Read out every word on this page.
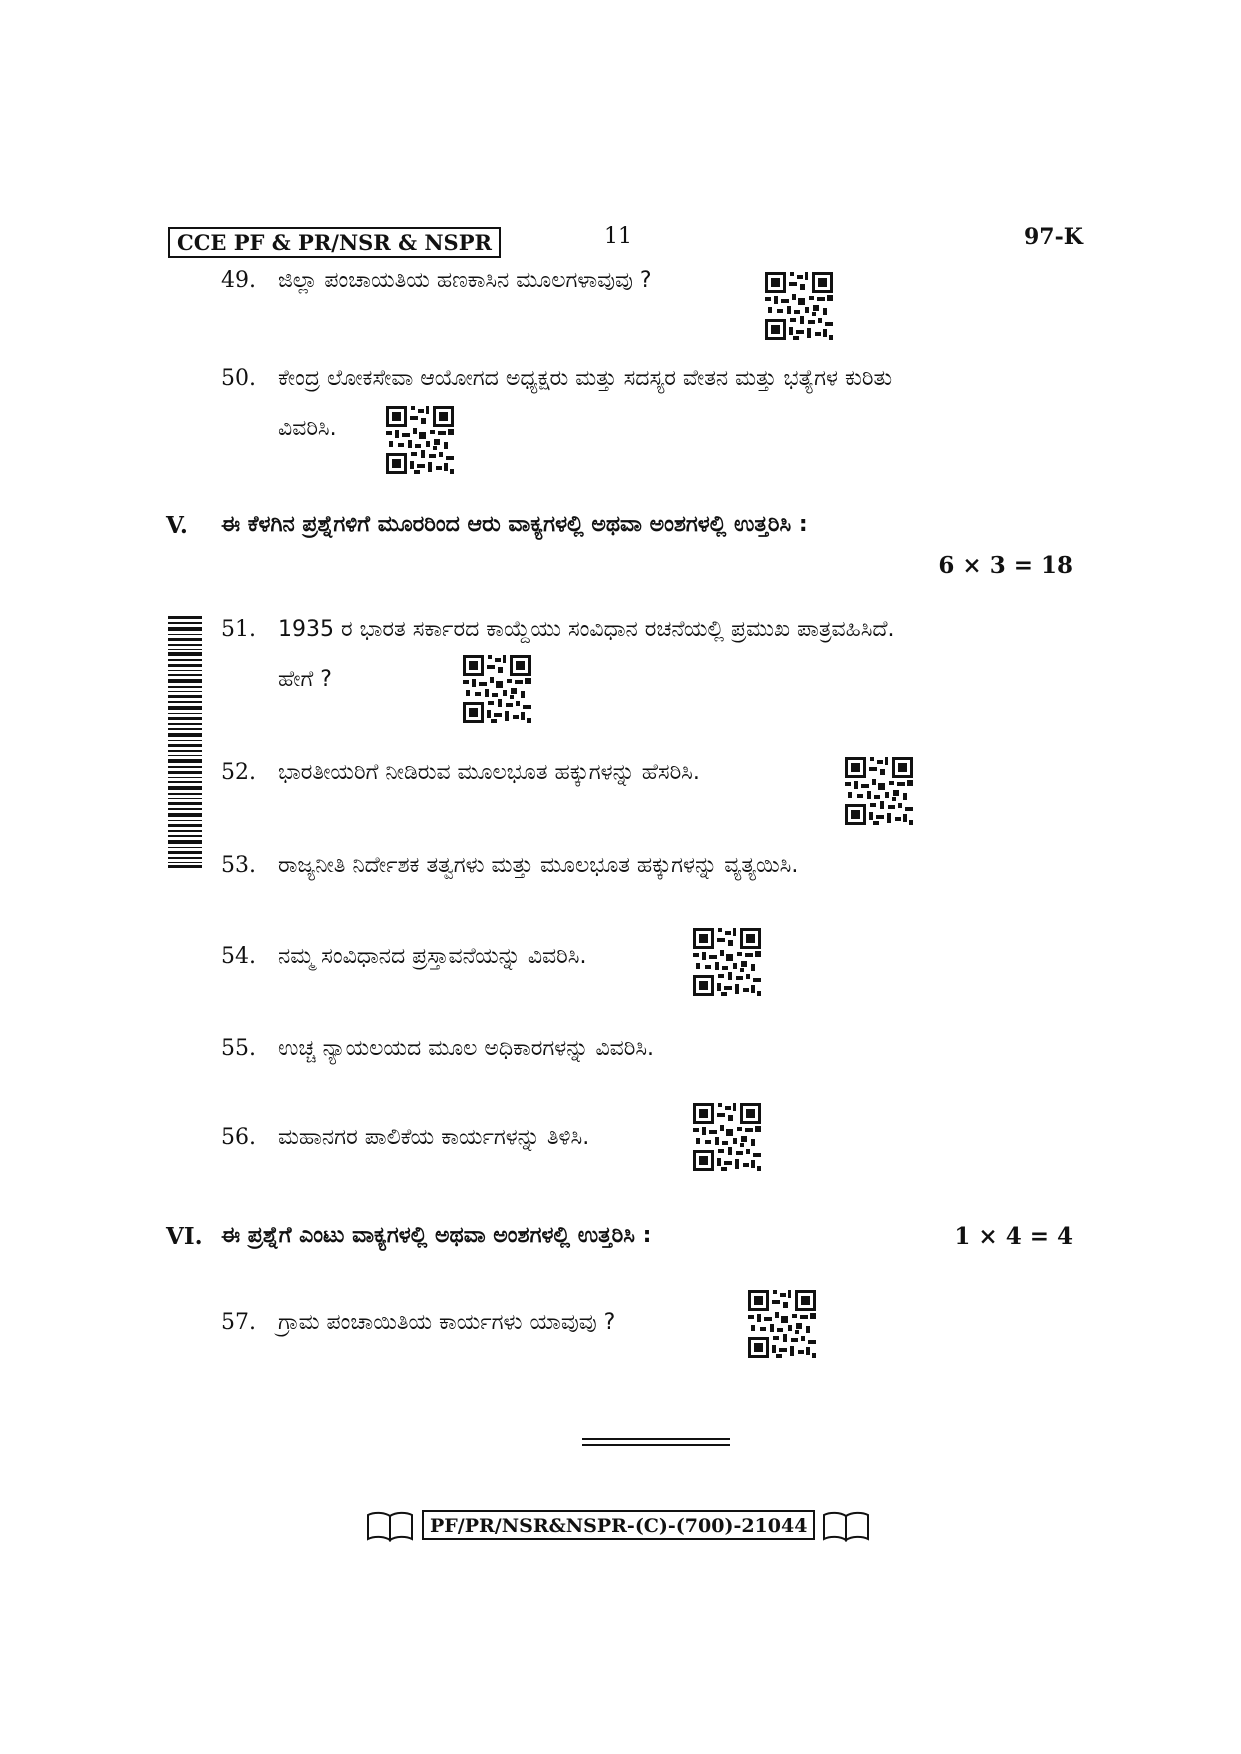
CCE PF & PR/NSR & NSPR	11	97-K
49. ಜಿಲ್ಲಾ ಪಂಚಾಯತಿಯ ಹಣಕಾಸಿನ ಮೂಲಗಳಾವುವು ?
50. ಕೇಂದ್ರ ಲೋಕಸೇವಾ ಆಯೋಗದ ಅಧ್ಯಕ್ಷರು ಮತ್ತು ಸದಸ್ಯರ ವೇತನ ಮತ್ತು ಭತ್ಯೆಗಳ ಕುರಿತು
ವಿವರಿಸಿ.
V. ಈ ಕೆಳಗಿನ ಪ್ರಶ್ನೆಗಳಿಗೆ ಮೂರರಿಂದ ಆರು ವಾಕ್ಯಗಳಲ್ಲಿ ಅಥವಾ ಅಂಶಗಳಲ್ಲಿ ಉತ್ತರಿಸಿ :
6 × 3 = 18
51. 1935 ರ ಭಾರತ ಸರ್ಕಾರದ ಕಾಯ್ದೆಯು ಸಂವಿಧಾನ ರಚನೆಯಲ್ಲಿ ಪ್ರಮುಖ ಪಾತ್ರವಹಿಸಿದೆ.
ಹೇಗೆ ?
52. ಭಾರತೀಯರಿಗೆ ನೀಡಿರುವ ಮೂಲಭೂತ ಹಕ್ಕುಗಳನ್ನು ಹೆಸರಿಸಿ.
53. ರಾಜ್ಯನೀತಿ ನಿರ್ದೇಶಕ ತತ್ವಗಳು ಮತ್ತು ಮೂಲಭೂತ ಹಕ್ಕುಗಳನ್ನು ವ್ಯತ್ಯಯಿಸಿ.
54. ನಮ್ಮ ಸಂವಿಧಾನದ ಪ್ರಸ್ತಾವನೆಯನ್ನು ವಿವರಿಸಿ.
55. ಉಚ್ಚ ನ್ಯಾಯಲಯದ ಮೂಲ ಅಧಿಕಾರಗಳನ್ನು ವಿವರಿಸಿ.
56. ಮಹಾನಗರ ಪಾಲಿಕೆಯ ಕಾರ್ಯಗಳನ್ನು ತಿಳಿಸಿ.
VI. ಈ ಪ್ರಶ್ನೆಗೆ ಎಂಟು ವಾಕ್ಯಗಳಲ್ಲಿ ಅಥವಾ ಅಂಶಗಳಲ್ಲಿ ಉತ್ತರಿಸಿ :	1 × 4 = 4
57. ಗ್ರಾಮ ಪಂಚಾಯಿತಿಯ ಕಾರ್ಯಗಳು ಯಾವುವು ?
PF/PR/NSR&NSPR-(C)-(700)-21044
